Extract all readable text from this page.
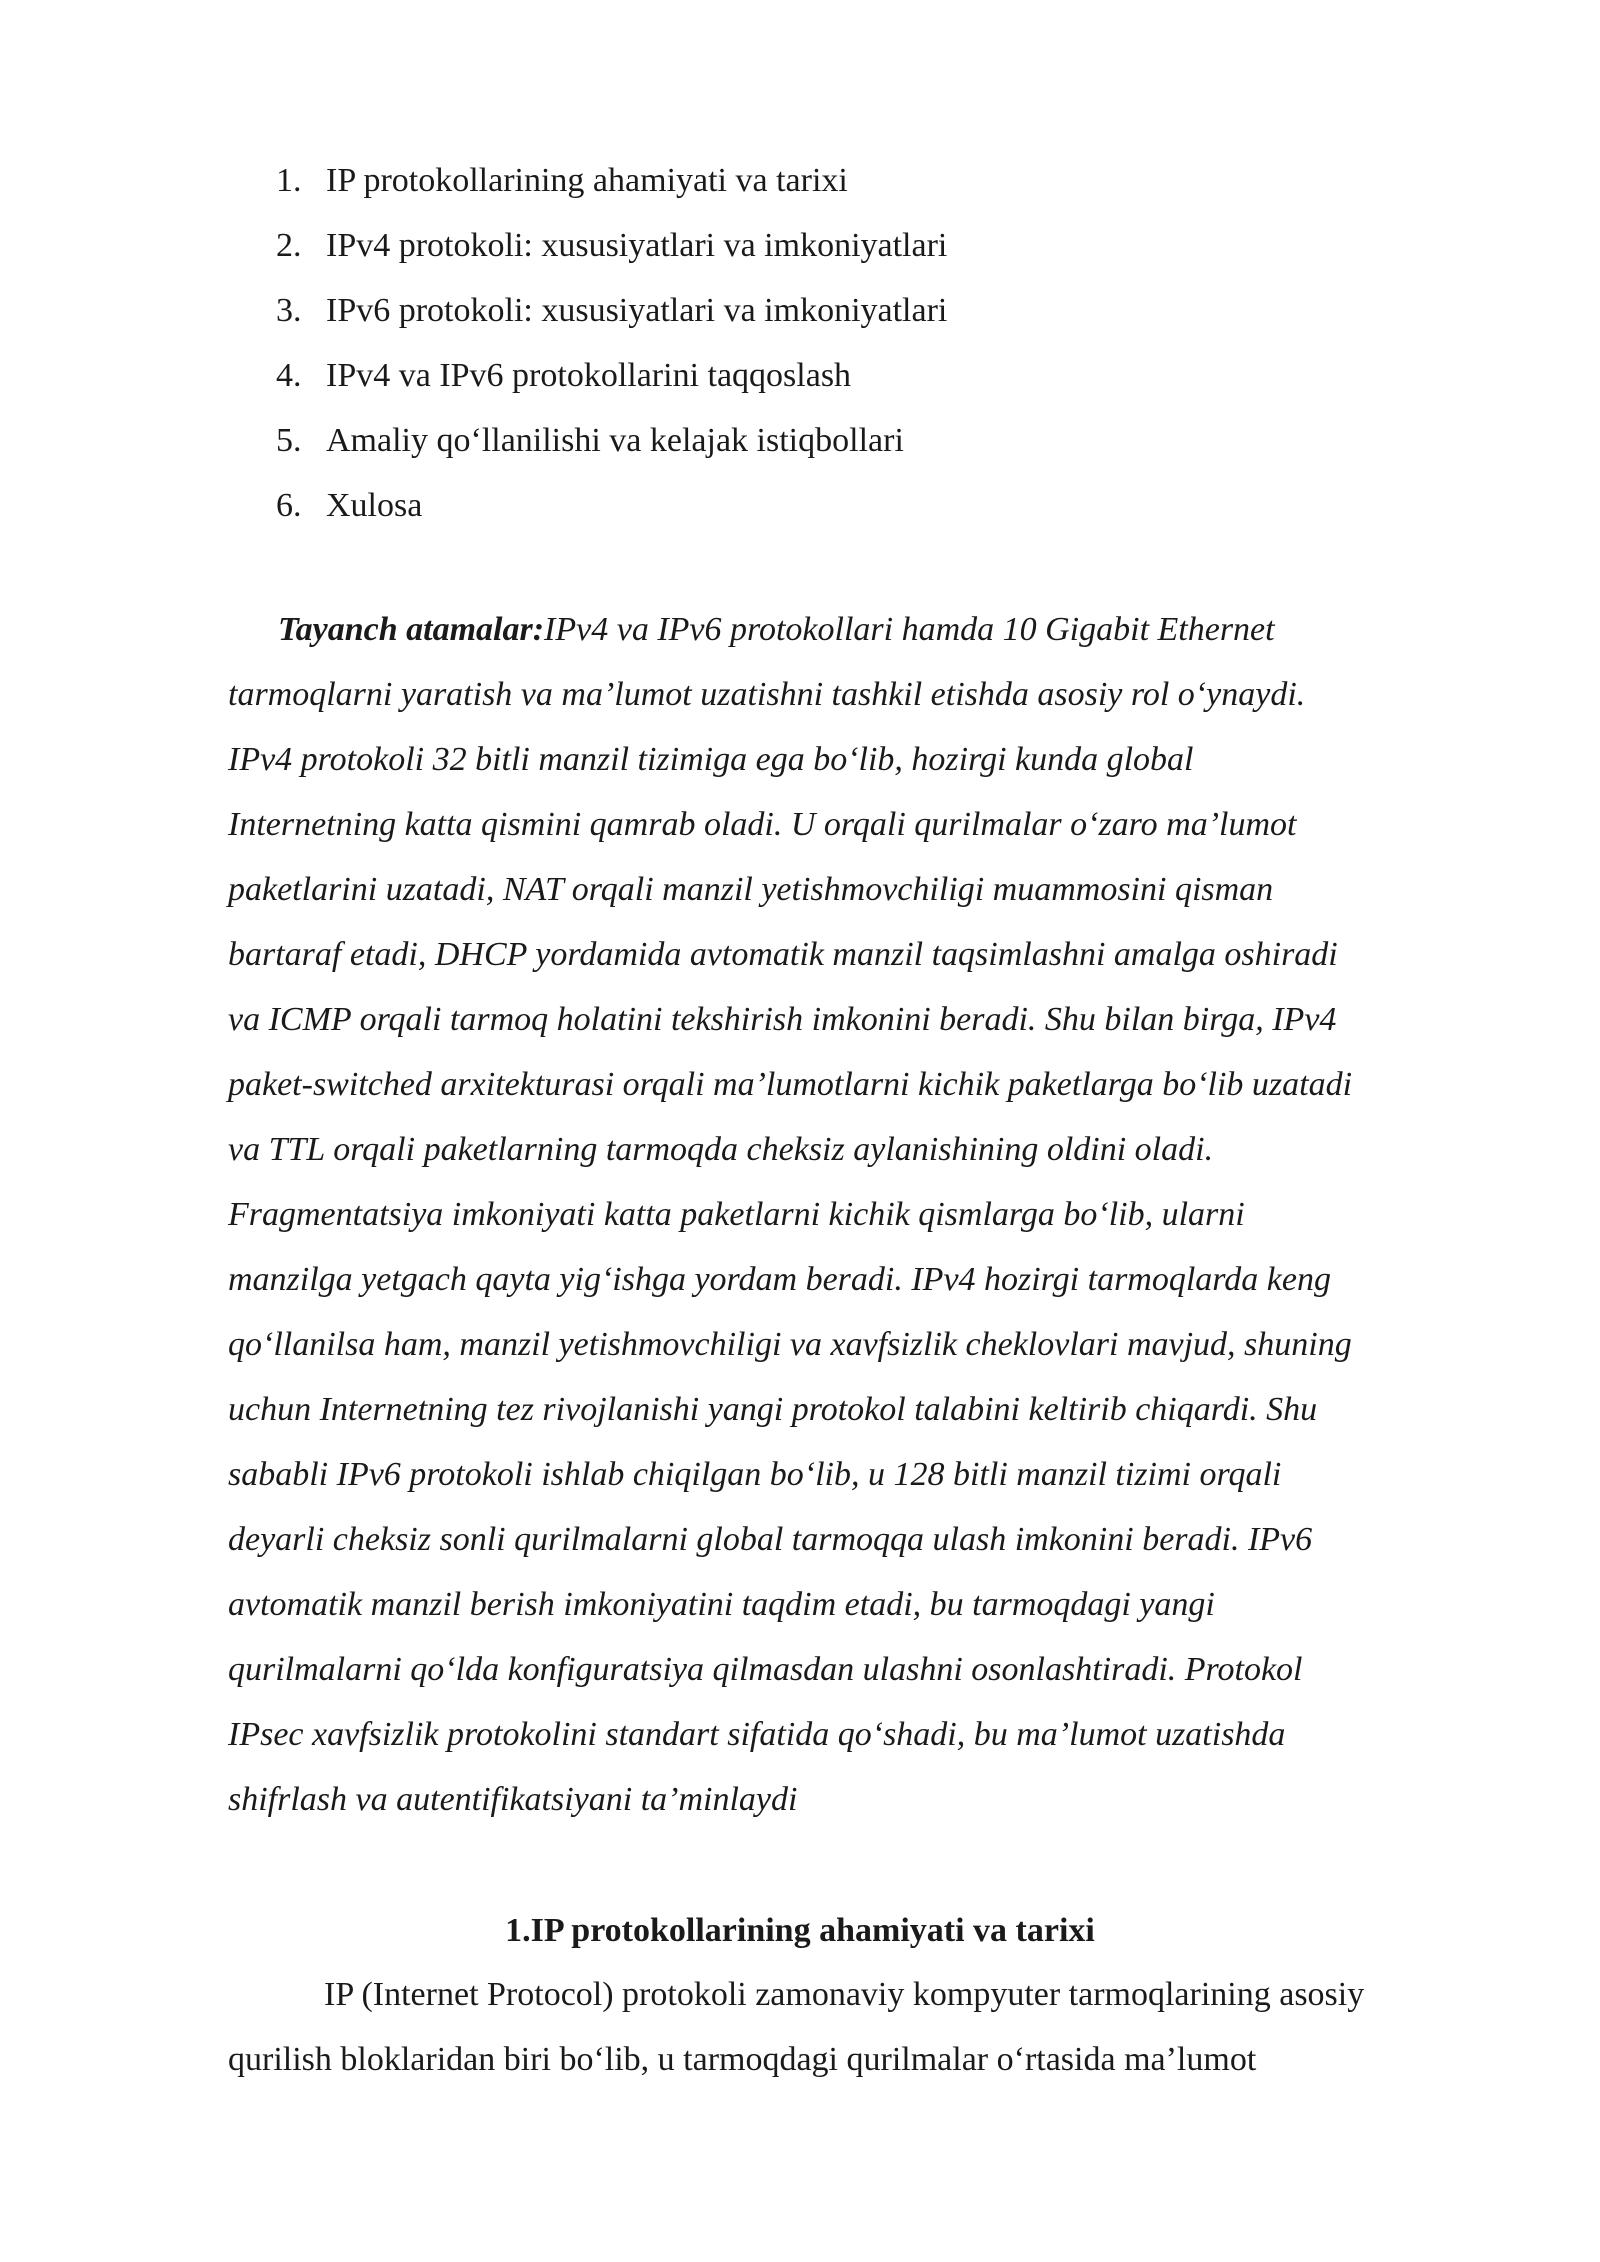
1. IP protokollarining ahamiyati va tarixi
2. IPv4 protokoli: xususiyatlari va imkoniyatlari
3. IPv6 protokoli: xususiyatlari va imkoniyatlari
4. IPv4 va IPv6 protokollarini taqqoslash
5. Amaliy qo‘llanilishi va kelajak istiqbollari
6. Xulosa
Tayanch atamalar:IPv4 va IPv6 protokollari hamda 10 Gigabit Ethernet
tarmoqlarni yaratish va ma’lumot uzatishni tashkil etishda asosiy rol o‘ynaydi.
IPv4 protokoli 32 bitli manzil tizimiga ega bo‘lib, hozirgi kunda global
Internetning katta qismini qamrab oladi. U orqali qurilmalar o‘zaro ma’lumot
paketlarini uzatadi, NAT orqali manzil yetishmovchiligi muammosini qisman
bartaraf etadi, DHCP yordamida avtomatik manzil taqsimlashni amalga oshiradi
va ICMP orqali tarmoq holatini tekshirish imkonini beradi. Shu bilan birga, IPv4
paket-switched arxitekturasi orqali ma’lumotlarni kichik paketlarga bo‘lib uzatadi
va TTL orqali paketlarning tarmoqda cheksiz aylanishining oldini oladi.
Fragmentatsiya imkoniyati katta paketlarni kichik qismlarga bo‘lib, ularni
manzilga yetgach qayta yig‘ishga yordam beradi. IPv4 hozirgi tarmoqlarda keng
qo‘llanilsa ham, manzil yetishmovchiligi va xavfsizlik cheklovlari mavjud, shuning
uchun Internetning tez rivojlanishi yangi protokol talabini keltirib chiqardi. Shu
sababli IPv6 protokoli ishlab chiqilgan bo‘lib, u 128 bitli manzil tizimi orqali
deyarli cheksiz sonli qurilmalarni global tarmoqqa ulash imkonini beradi. IPv6
avtomatik manzil berish imkoniyatini taqdim etadi, bu tarmoqdagi yangi
qurilmalarni qo‘lda konfiguratsiya qilmasdan ulashni osonlashtiradi. Protokol
IPsec xavfsizlik protokolini standart sifatida qo‘shadi, bu ma’lumot uzatishda
shifrlash va autentifikatsiyani ta’minlaydi
1.IP protokollarining ahamiyati va tarixi
IP (Internet Protocol) protokoli zamonaviy kompyuter tarmoqlarining asosiy
qurilish bloklaridan biri bo‘lib, u tarmoqdagi qurilmalar o‘rtasida ma’lumot
